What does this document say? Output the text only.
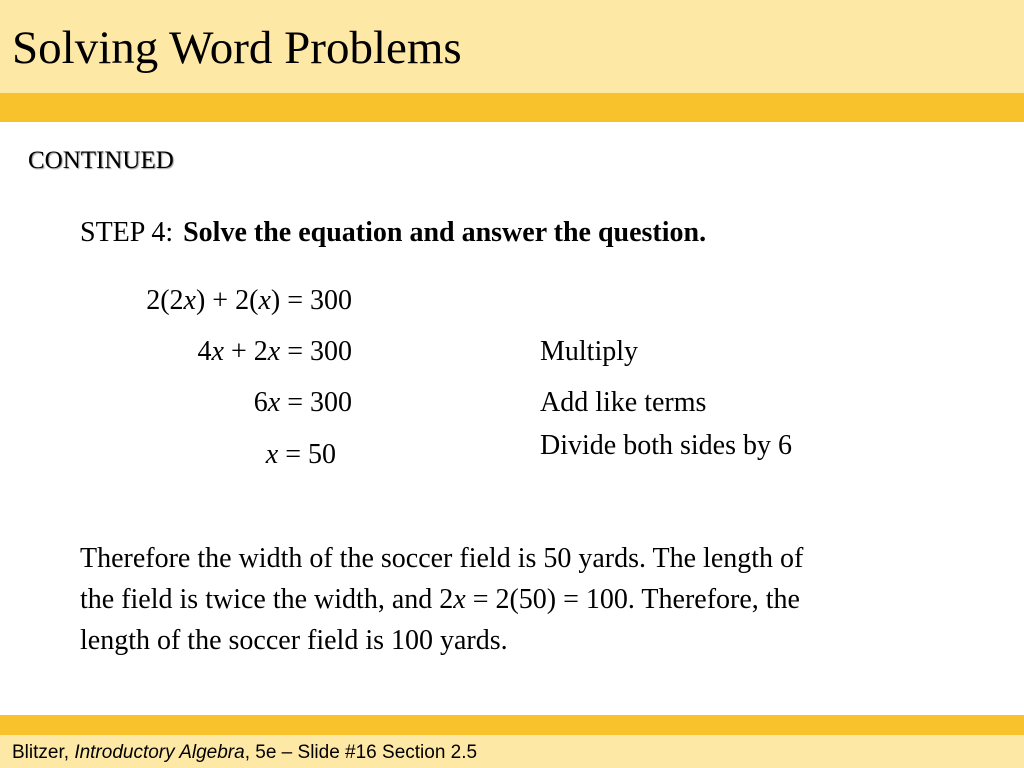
Solving Word Problems
CONTINUED
STEP 4: Solve the equation and answer the question.
2(2x) + 2(x) = 300
4x + 2x = 300
6x = 300
x = 50
Multiply
Add like terms
Divide both sides by 6
Therefore the width of the soccer field is 50 yards. The length of
the field is twice the width, and 2x = 2(50) = 100. Therefore, the
length of the soccer field is 100 yards.
Blitzer, Introductory Algebra, 5e – Slide #16 Section 2.5
